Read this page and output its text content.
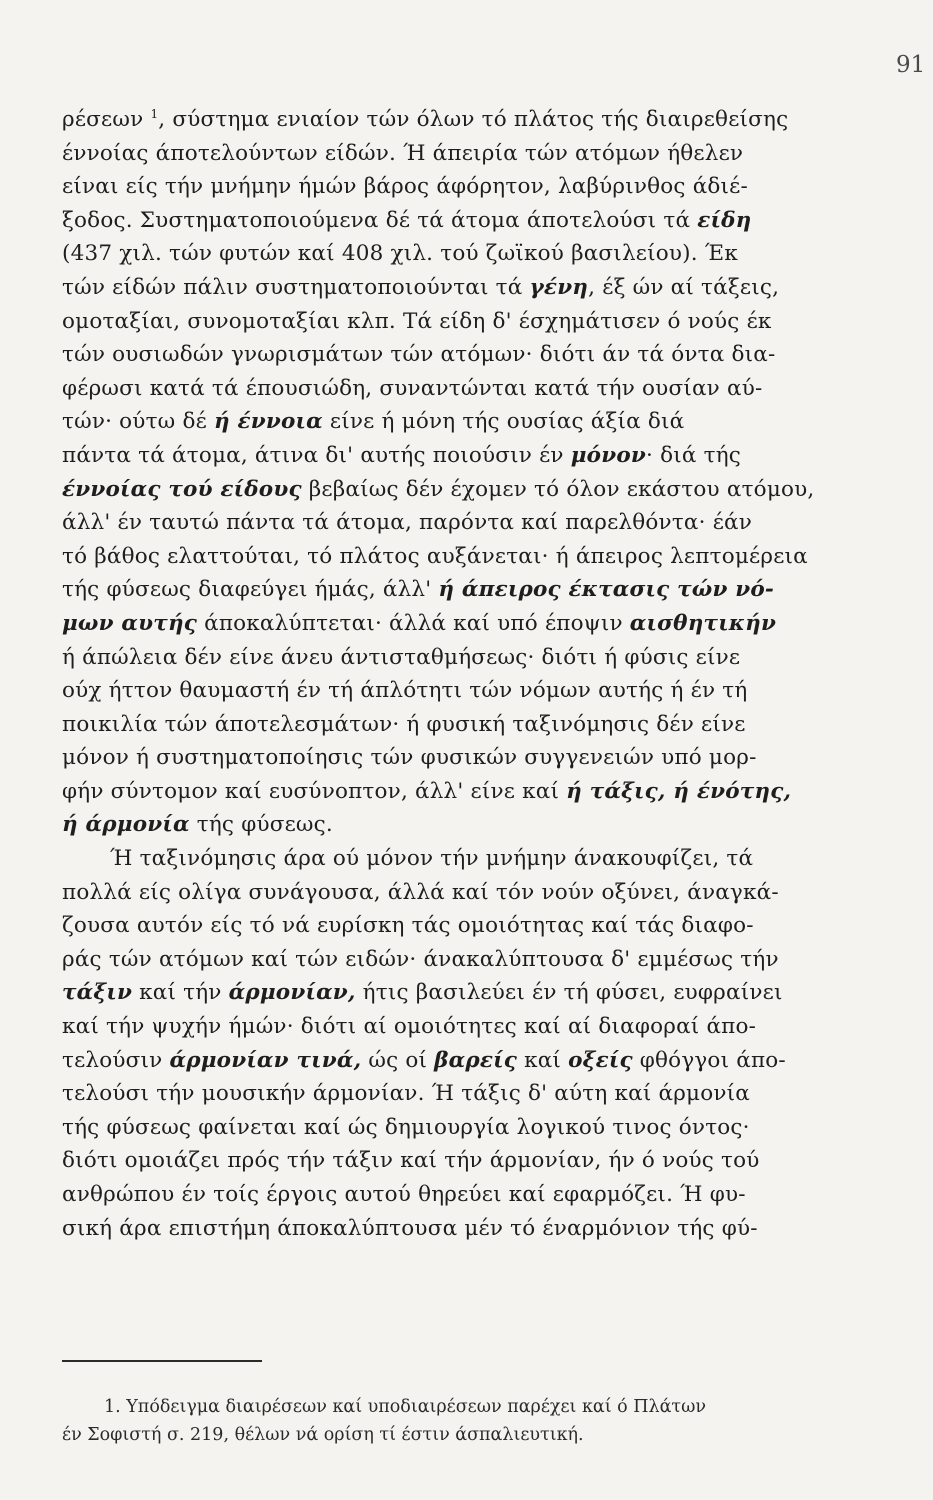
91
ρέσεων $^1$, σύστημα ενιαίον τών όλων τό πλάτος τής διαιρεθείσης
έννοίας άποτελούντων είδών. Ή άπειρία τών ατόμων ήθελεν
είναι είς τήν μνήμην ήμών βάρος άφόρητον, λαβύρινθος άδιέ-
ξοδος. Συστηματοποιούμενα δέ τά άτομα άποτελούσι τά είδη
(437 χιλ. τών φυτών καί 408 χιλ. τού ζωϊκού βασιλείου). Έκ
τών είδών πάλιν συστηματοποιούνται τά γένη, έξ ών αί τάξεις,
ομοταξίαι, συνομοταξίαι κλπ. Τά είδη δ' έσχημάτισεν ό νούς έκ
τών ουσιωδών γνωρισμάτων τών ατόμων· διότι άν τά όντα δια-
φέρωσι κατά τά έπουσιώδη, συναντώνται κατά τήν ουσίαν αύ-
τών· ούτω δέ ή έννοια είνε ή μόνη τής ουσίας άξία διά
πάντα τά άτομα, άτινα δι' αυτής ποιούσιν έν μόνον· διά τής
έννοίας τού είδους βεβαίως δέν έχομεν τό όλον εκάστου ατόμου,
άλλ' έν ταυτώ πάντα τά άτομα, παρόντα καί παρελθόντα· έάν
τό βάθος ελαττούται, τό πλάτος αυξάνεται· ή άπειρος λεπτομέρεια
τής φύσεως διαφεύγει ήμάς, άλλ' ή άπειρος έκτασις τών νό-
μων αυτής άποκαλύπτεται· άλλά καί υπό έποψιν αισθητικήν
ή άπώλεια δέν είνε άνευ άντισταθμήσεως· διότι ή φύσις είνε
ούχ ήττον θαυμαστή έν τή άπλότητι τών νόμων αυτής ή έν τή
ποικιλία τών άποτελεσμάτων· ή φυσική ταξινόμησις δέν είνε
μόνον ή συστηματοποίησις τών φυσικών συγγενειών υπό μορ-
φήν σύντομον καί ευσύνοπτον, άλλ' είνε καί ή τάξις, ή ένότης,
ή άρμονία τής φύσεως.
Ή ταξινόμησις άρα ού μόνον τήν μνήμην άνακουφίζει, τά
πολλά είς ολίγα συνάγουσα, άλλά καί τόν νούν οξύνει, άναγκά-
ζουσα αυτόν είς τό νά ευρίσκη τάς ομοιότητας καί τάς διαφο-
ράς τών ατόμων καί τών ειδών· άνακαλύπτουσα δ' εμμέσως τήν
τάξιν καί τήν άρμονίαν, ήτις βασιλεύει έν τή φύσει, ευφραίνει
καί τήν ψυχήν ήμών· διότι αί ομοιότητες καί αί διαφοραί άπο-
τελούσιν άρμονίαν τινά, ώς οί βαρείς καί οξείς φθόγγοι άπο-
τελούσι τήν μουσικήν άρμονίαν. Ή τάξις δ' αύτη καί άρμονία
τής φύσεως φαίνεται καί ώς δημιουργία λογικού τινος όντος·
διότι ομοιάζει πρός τήν τάξιν καί τήν άρμονίαν, ήν ό νούς τού
ανθρώπου έν τοίς έργοις αυτού θηρεύει καί εφαρμόζει. Ή φυ-
σική άρα επιστήμη άποκαλύπτουσα μέν τό έναρμόνιον τής φύ-
1. Υπόδειγμα διαιρέσεων καί υποδιαιρέσεων παρέχει καί ό Πλάτων
έν Σοφιστή σ. 219, θέλων νά ορίση τί έστιν άσπαλιευτική.
